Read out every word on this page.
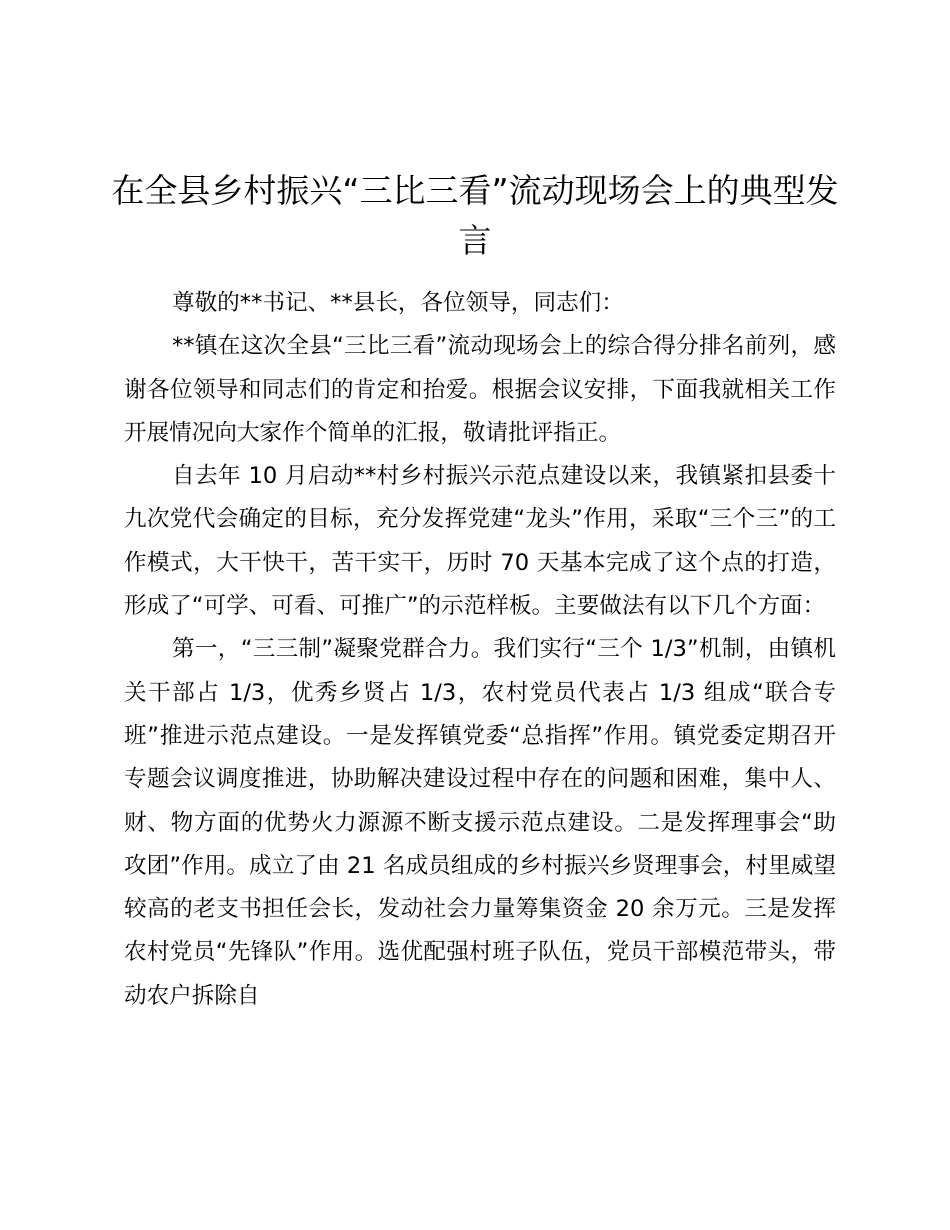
在全县乡村振兴“三比三看”流动现场会上的典型发言

尊敬的**书记、**县长，各位领导，同志们：

**镇在这次全县“三比三看”流动现场会上的综合得分排名前列，感谢各位领导和同志们的肯定和抬爱。根据会议安排，下面我就相关工作开展情况向大家作个简单的汇报，敬请批评指正。

自去年 10 月启动**村乡村振兴示范点建设以来，我镇紧扣县委十九次党代会确定的目标，充分发挥党建“龙头”作用，采取“三个三”的工作模式，大干快干，苦干实干，历时 70 天基本完成了这个点的打造，形成了“可学、可看、可推广”的示范样板。主要做法有以下几个方面：

第一，“三三制”凝聚党群合力。我们实行“三个 1/3”机制，由镇机关干部占 1/3，优秀乡贤占 1/3，农村党员代表占 1/3 组成“联合专班”推进示范点建设。一是发挥镇党委“总指挥”作用。镇党委定期召开专题会议调度推进，协助解决建设过程中存在的问题和困难，集中人、财、物方面的优势火力源源不断支援示范点建设。二是发挥理事会“助攻团”作用。成立了由 21 名成员组成的乡村振兴乡贤理事会，村里威望较高的老支书担任会长，发动社会力量筹集资金 20 余万元。三是发挥农村党员“先锋队”作用。选优配强村班子队伍，党员干部模范带头，带动农户拆除自
